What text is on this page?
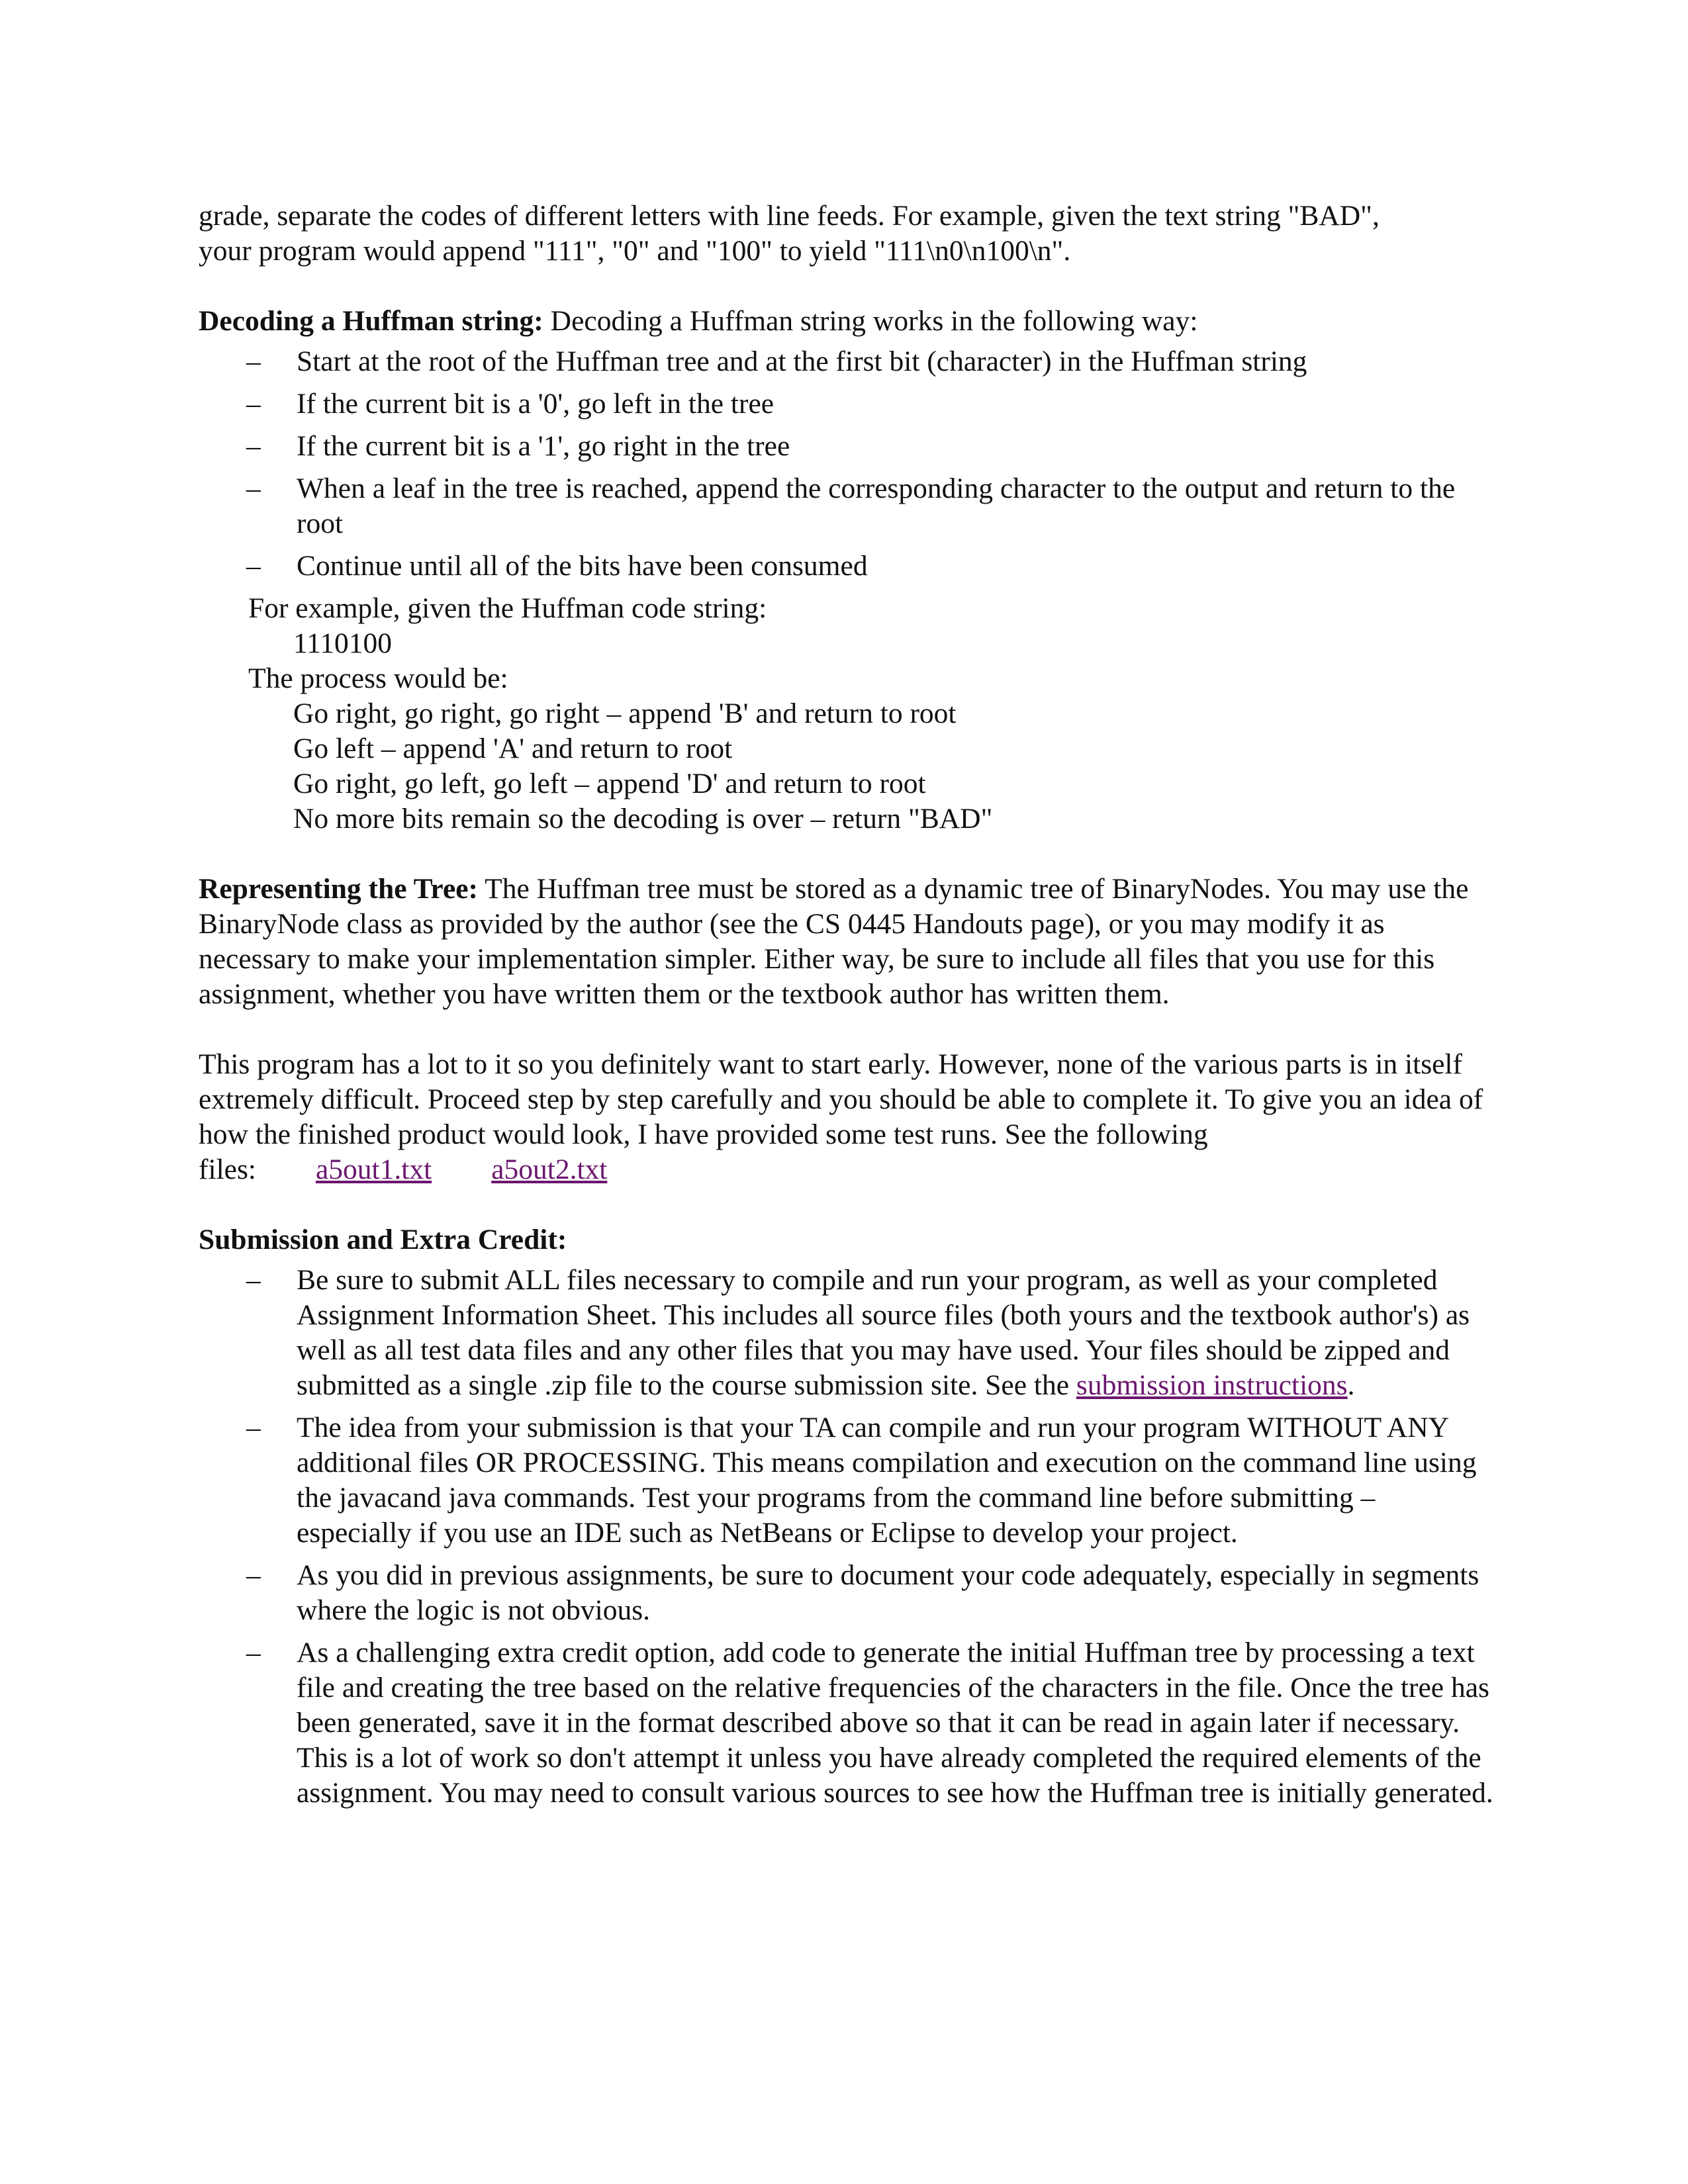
grade, separate the codes of different letters with line feeds. For example, given the text string "BAD",
your program would append "111", "0" and "100" to yield "111\n0\n100\n".

Decoding a Huffman string: Decoding a Huffman string works in the following way:

– Start at the root of the Huffman tree and at the first bit (character) in the Huffman string
– If the current bit is a '0', go left in the tree
– If the current bit is a '1', go right in the tree
– When a leaf in the tree is reached, append the corresponding character to the output and return to the root
– Continue until all of the bits have been consumed
For example, given the Huffman code string:
1110100
The process would be:
Go right, go right, go right – append 'B' and return to root
Go left – append 'A' and return to root
Go right, go left, go left – append 'D' and return to root
No more bits remain so the decoding is over – return "BAD"

Representing the Tree: The Huffman tree must be stored as a dynamic tree of BinaryNodes. You may use the BinaryNode class as provided by the author (see the CS 0445 Handouts page), or you may modify it as necessary to make your implementation simpler. Either way, be sure to include all files that you use for this assignment, whether you have written them or the textbook author has written them.

This program has a lot to it so you definitely want to start early. However, none of the various parts is in itself extremely difficult. Proceed step by step carefully and you should be able to complete it. To give you an idea of how the finished product would look, I have provided some test runs. See the following
files: a5out1.txt a5out2.txt

Submission and Extra Credit:

– Be sure to submit ALL files necessary to compile and run your program, as well as your completed Assignment Information Sheet. This includes all source files (both yours and the textbook author's) as well as all test data files and any other files that you may have used. Your files should be zipped and submitted as a single .zip file to the course submission site. See the submission instructions.
– The idea from your submission is that your TA can compile and run your program WITHOUT ANY additional files OR PROCESSING. This means compilation and execution on the command line using the javacand java commands. Test your programs from the command line before submitting – especially if you use an IDE such as NetBeans or Eclipse to develop your project.
– As you did in previous assignments, be sure to document your code adequately, especially in segments where the logic is not obvious.
– As a challenging extra credit option, add code to generate the initial Huffman tree by processing a text file and creating the tree based on the relative frequencies of the characters in the file. Once the tree has been generated, save it in the format described above so that it can be read in again later if necessary. This is a lot of work so don't attempt it unless you have already completed the required elements of the assignment. You may need to consult various sources to see how the Huffman tree is initially generated.
